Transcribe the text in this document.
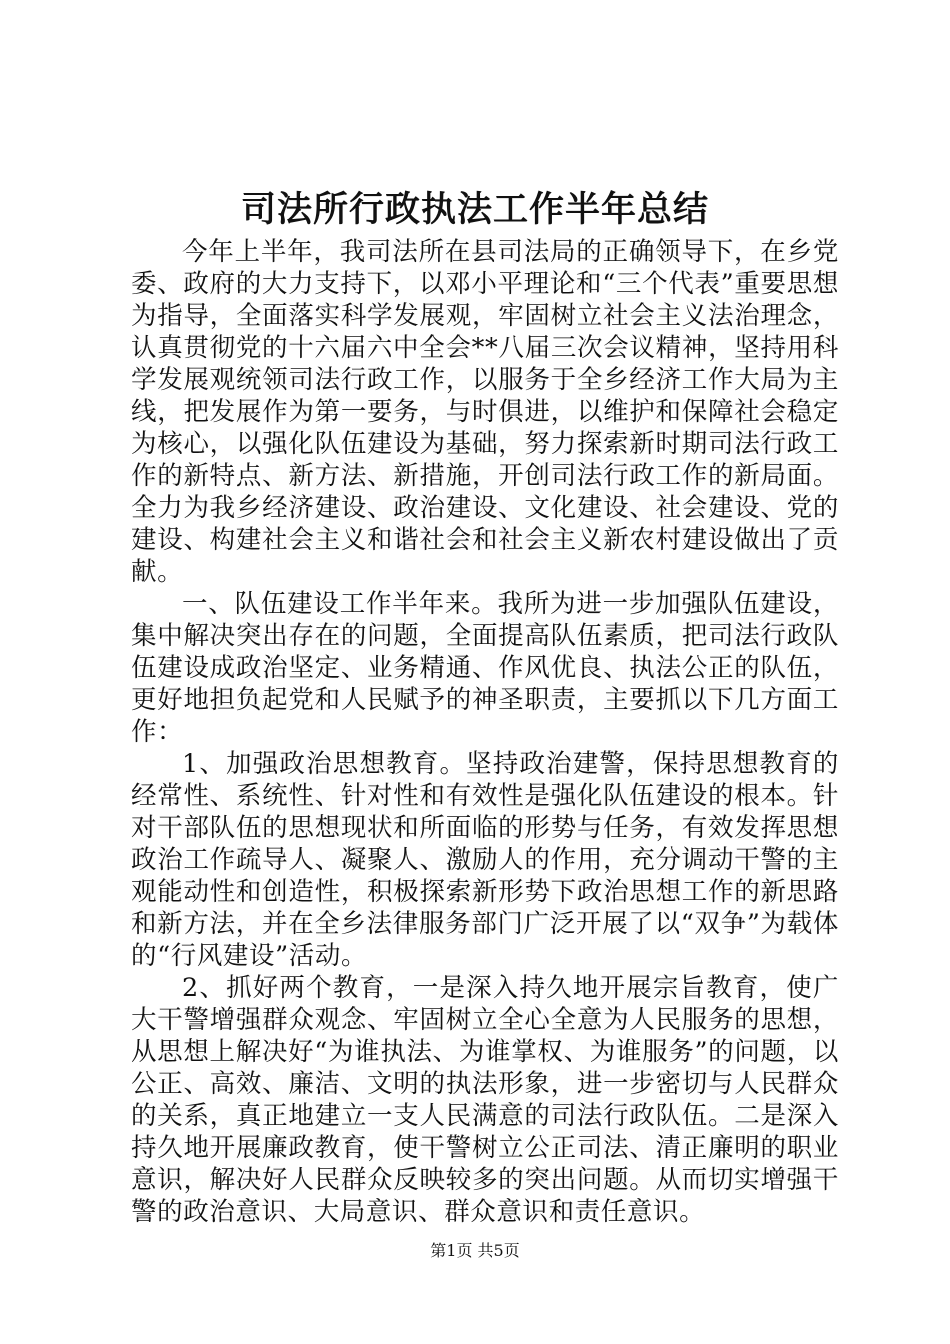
司法所行政执法工作半年总结

今年上半年，我司法所在县司法局的正确领导下，在乡党委、政府的大力支持下，以邓小平理论和“三个代表”重要思想为指导，全面落实科学发展观，牢固树立社会主义法治理念，认真贯彻党的十六届六中全会**八届三次会议精神，坚持用科学发展观统领司法行政工作，以服务于全乡经济工作大局为主线，把发展作为第一要务，与时俱进，以维护和保障社会稳定为核心，以强化队伍建设为基础，努力探索新时期司法行政工作的新特点、新方法、新措施，开创司法行政工作的新局面。全力为我乡经济建设、政治建设、文化建设、社会建设、党的建设、构建社会主义和谐社会和社会主义新农村建设做出了贡献。

一、队伍建设工作半年来。我所为进一步加强队伍建设，集中解决突出存在的问题，全面提高队伍素质，把司法行政队伍建设成政治坚定、业务精通、作风优良、执法公正的队伍，更好地担负起党和人民赋予的神圣职责，主要抓以下几方面工作：

1、加强政治思想教育。坚持政治建警，保持思想教育的经常性、系统性、针对性和有效性是强化队伍建设的根本。针对干部队伍的思想现状和所面临的形势与任务，有效发挥思想政治工作疏导人、凝聚人、激励人的作用，充分调动干警的主观能动性和创造性，积极探索新形势下政治思想工作的新思路和新方法，并在全乡法律服务部门广泛开展了以“双争”为载体的“行风建设”活动。

2、抓好两个教育，一是深入持久地开展宗旨教育，使广大干警增强群众观念、牢固树立全心全意为人民服务的思想，从思想上解决好“为谁执法、为谁掌权、为谁服务”的问题，以公正、高效、廉洁、文明的执法形象，进一步密切与人民群众的关系，真正地建立一支人民满意的司法行政队伍。二是深入持久地开展廉政教育，使干警树立公正司法、清正廉明的职业意识，解决好人民群众反映较多的突出问题。从而切实增强干警的政治意识、大局意识、群众意识和责任意识。

第1页 共5页
